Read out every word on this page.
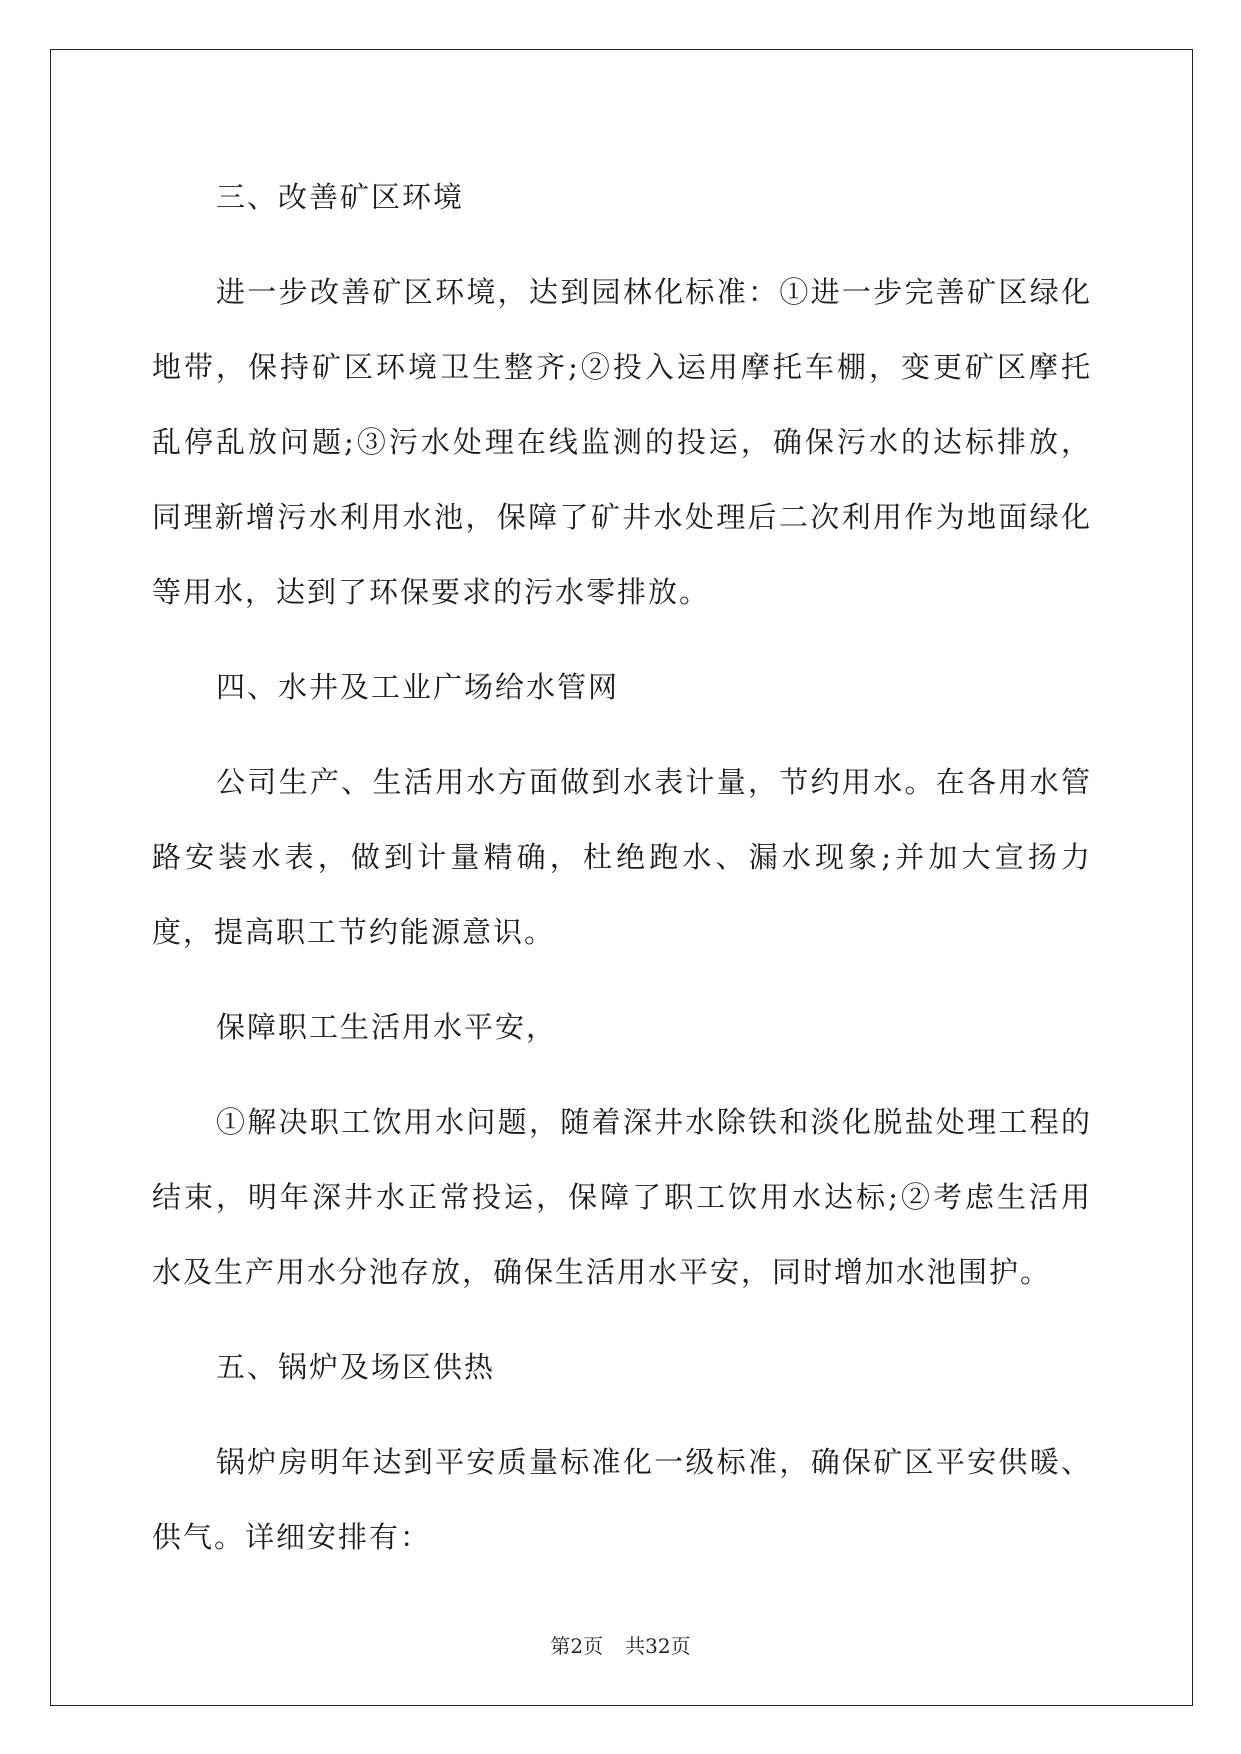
三、改善矿区环境

进一步改善矿区环境，达到园林化标准：①进一步完善矿区绿化地带，保持矿区环境卫生整齐;②投入运用摩托车棚，变更矿区摩托乱停乱放问题;③污水处理在线监测的投运，确保污水的达标排放，同理新增污水利用水池，保障了矿井水处理后二次利用作为地面绿化等用水，达到了环保要求的污水零排放。

四、水井及工业广场给水管网

公司生产、生活用水方面做到水表计量，节约用水。在各用水管路安装水表，做到计量精确，杜绝跑水、漏水现象;并加大宣扬力度，提高职工节约能源意识。

保障职工生活用水平安，

①解决职工饮用水问题，随着深井水除铁和淡化脱盐处理工程的结束，明年深井水正常投运，保障了职工饮用水达标;②考虑生活用水及生产用水分池存放，确保生活用水平安，同时增加水池围护。

五、锅炉及场区供热

锅炉房明年达到平安质量标准化一级标准，确保矿区平安供暖、供气。详细安排有：

第2页 共32页
